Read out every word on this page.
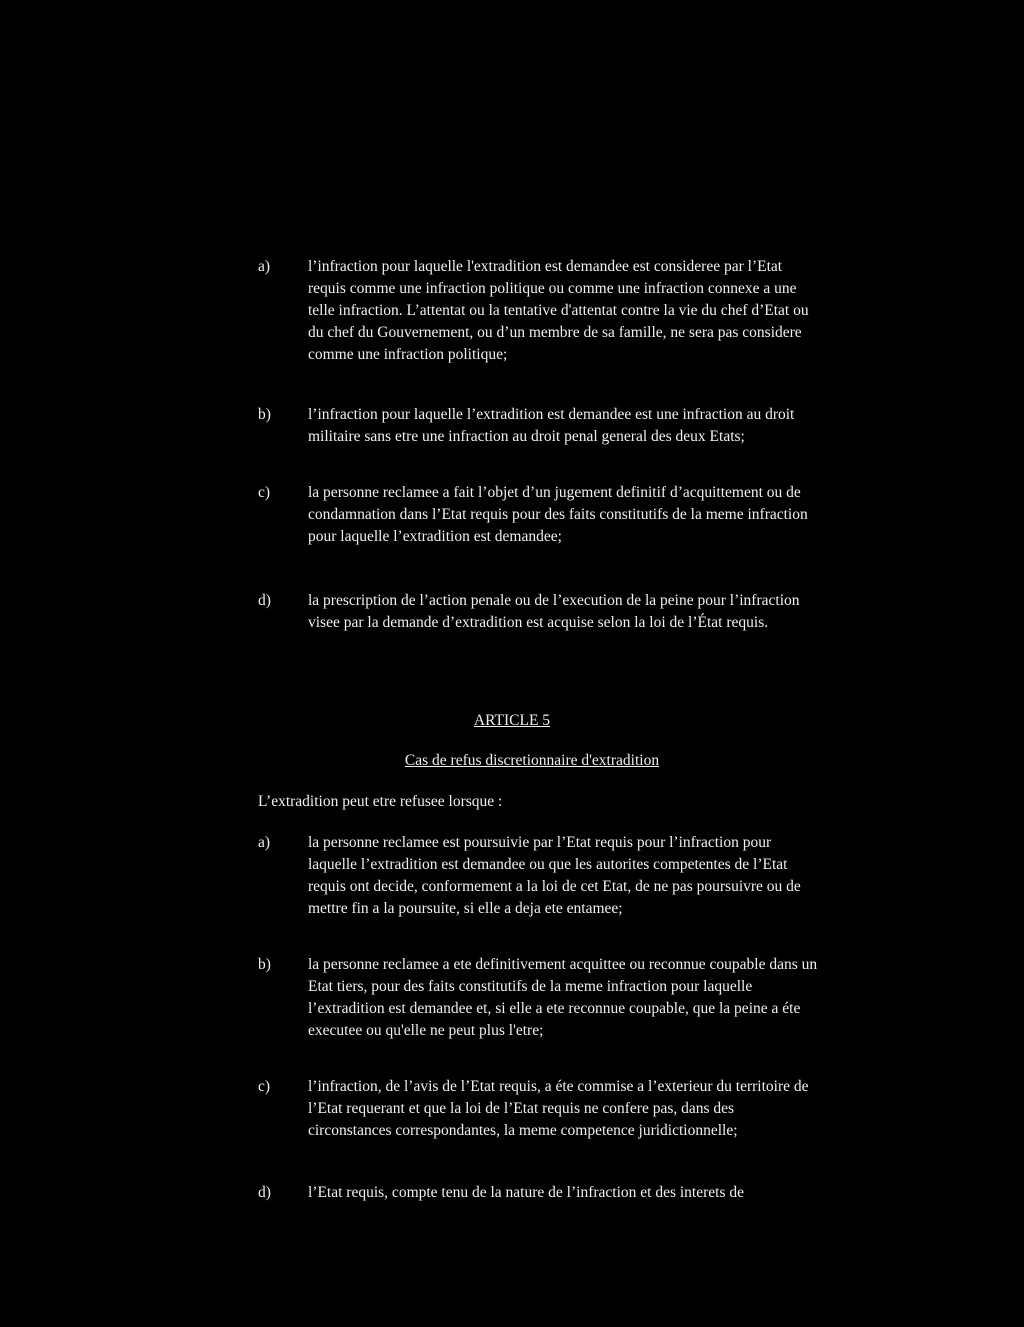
a)	l’infraction pour laquelle l'extradition est demandee est consideree par l’Etat requis comme une infraction politique ou comme une infraction connexe a une telle infraction. L’attentat ou la tentative d'attentat contre la vie du chef d’Etat ou du chef du Gouvernement, ou d’un membre de sa famille, ne sera pas considere comme une infraction politique;
b)	l’infraction pour laquelle l’extradition est demandee est une infraction au droit militaire sans etre une infraction au droit penal general des deux Etats;
c)	la personne reclamee a fait l’objet d’un jugement definitif d’acquittement ou de condamnation dans l’Etat requis pour des faits constitutifs de la meme infraction pour laquelle l’extradition est demandee;
d)	la prescription de l’action penale ou de l’execution de la peine pour l’infraction visee par la demande d’extradition est acquise selon la loi de l’État requis.
ARTICLE 5
Cas de refus discretionnaire d'extradition
L’extradition peut etre refusee lorsque :
a)	la personne reclamee est poursuivie par l’Etat requis pour l’infraction pour laquelle l’extradition est demandee ou que les autorites competentes de l’Etat requis ont decide, conformement a la loi de cet Etat, de ne pas poursuivre ou de mettre fin a la poursuite, si elle a deja ete entamee;
b)	la personne reclamee a ete definitivement acquittee ou reconnue coupable dans un Etat tiers, pour des faits constitutifs de la meme infraction pour laquelle l’extradition est demandee et, si elle a ete reconnue coupable, que la peine a éte executee ou qu'elle ne peut plus l'etre;
c)	l’infraction, de l’avis de l’Etat requis, a éte commise a l’exterieur du territoire de l’Etat requerant et que la loi de l’Etat requis ne confere pas, dans des circonstances correspondantes, la meme competence juridictionnelle;
d)	l’Etat requis, compte tenu de la nature de l’infraction et des interets de
